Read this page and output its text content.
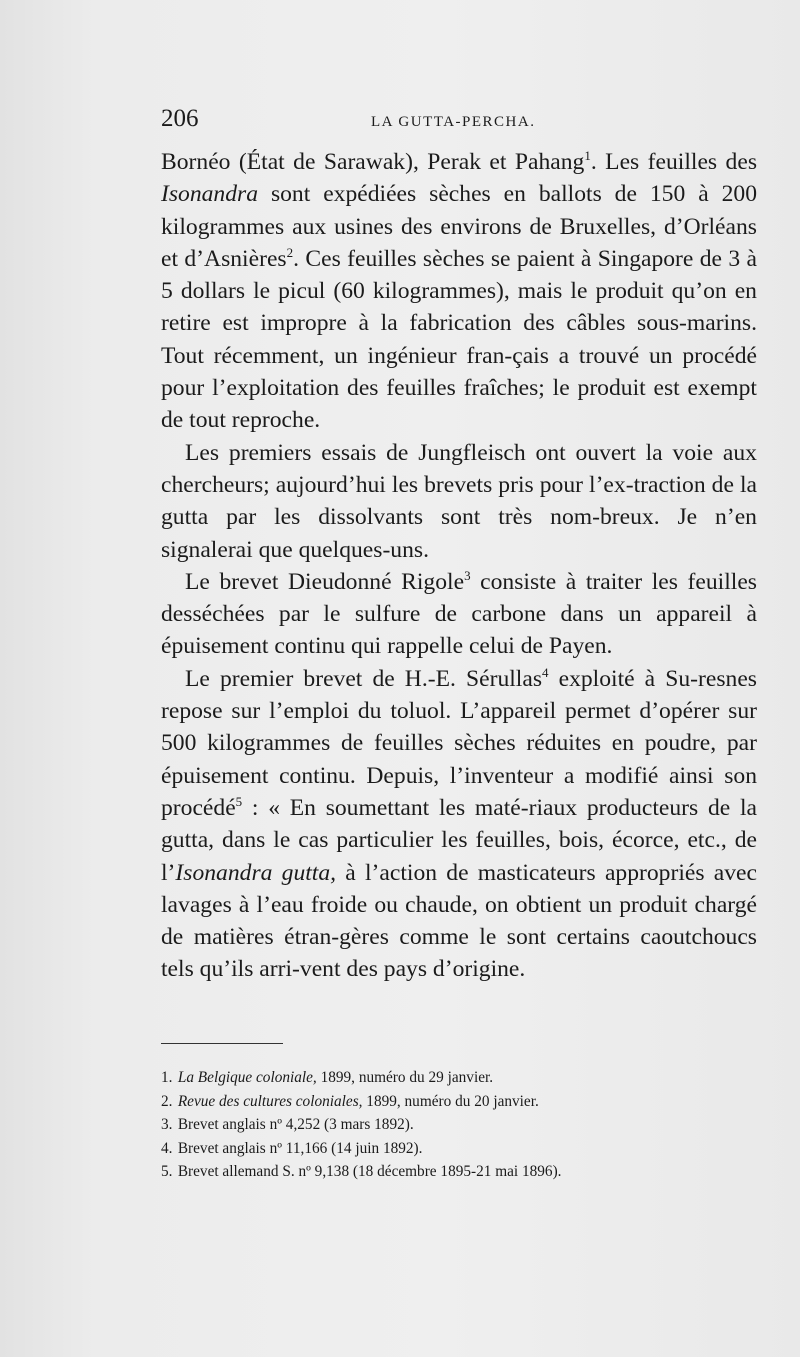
206	LA GUTTA-PERCHA.

Bornéo (État de Sarawak), Perak et Pahang$^1$. Les feuilles des Isonandra sont expédiées sèches en ballots de 150 à 200 kilogrammes aux usines des environs de Bruxelles, d’Orléans et d’Asnières$^2$. Ces feuilles sèches se paient à Singapore de 3 à 5 dollars le picul (60 kilogrammes), mais le produit qu’on en retire est impropre à la fabrication des câbles sous-marins. Tout récemment, un ingénieur fran-çais a trouvé un procédé pour l’exploitation des feuilles fraîches; le produit est exempt de tout reproche.

Les premiers essais de Jungfleisch ont ouvert la voie aux chercheurs; aujourd’hui les brevets pris pour l’ex-traction de la gutta par les dissolvants sont très nom-breux. Je n’en signalerai que quelques-uns.

Le brevet Dieudonné Rigole$^3$ consiste à traiter les feuilles desséchées par le sulfure de carbone dans un appareil à épuisement continu qui rappelle celui de Payen.

Le premier brevet de H.-E. Sérullas$^4$ exploité à Su-resnes repose sur l’emploi du toluol. L’appareil permet d’opérer sur 500 kilogrammes de feuilles sèches réduites en poudre, par épuisement continu. Depuis, l’inventeur a modifié ainsi son procédé$^5$ : « En soumettant les maté-riaux producteurs de la gutta, dans le cas particulier les feuilles, bois, écorce, etc., de l’Isonandra gutta, à l’action de masticateurs appropriés avec lavages à l’eau froide ou chaude, on obtient un produit chargé de matières étran-gères comme le sont certains caoutchoucs tels qu’ils arri-vent des pays d’origine.

1. La Belgique coloniale, 1899, numéro du 29 janvier.
2. Revue des cultures coloniales, 1899, numéro du 20 janvier.
3. Brevet anglais nº 4,252 (3 mars 1892).
4. Brevet anglais nº 11,166 (14 juin 1892).
5. Brevet allemand S. nº 9,138 (18 décembre 1895-21 mai 1896).
